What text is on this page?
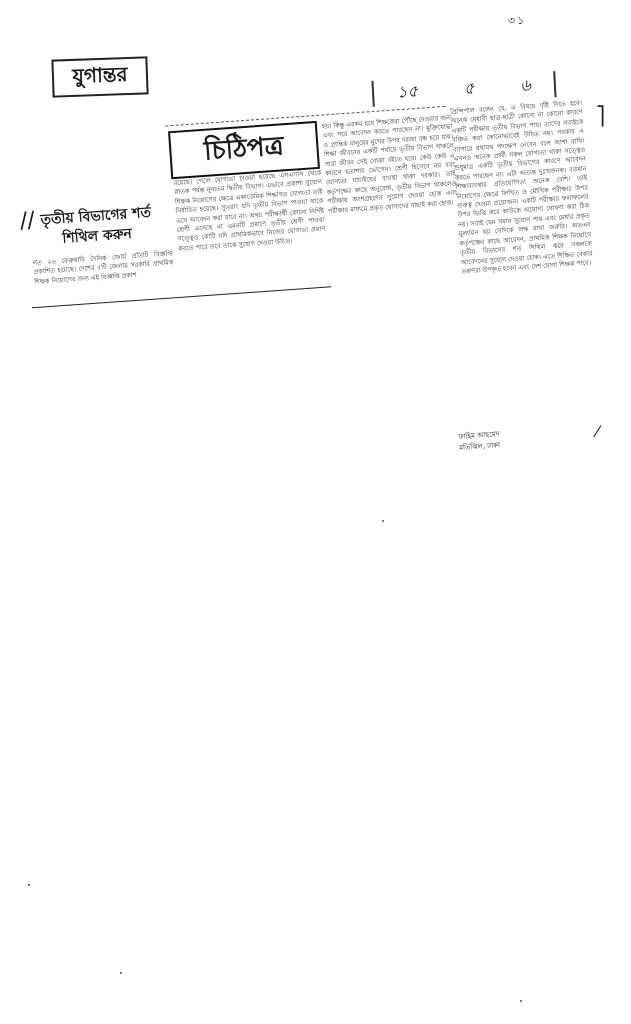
৩১
যুগান্তর
১৫	৫	৬
চিঠিপত্র
// তৃতীয় বিভাগের শর্ত শিথিল করুন
গত ২৬ ফেব্রুয়ারি দৈনিক জোর্য় প্রতিটি বিজ্ঞপ্তি প্রকাশিত হয়েছে। দেশের ৫টি জেলায় সরকারি প্রাথমিক শিক্ষক নিয়োগের জন্য এই বিজ্ঞপ্তি প্রকাশ
রয়েছে। গেলে যোগ্যতা চাওয়া হয়েছে এসএসসি থেকে স্নাতক পর্যন্ত নূন্যতম দ্বিতীয় বিভাগ। এভাবে প্রকাশ্য সুযোগ শিক্ষক নিয়োগের ক্ষেত্রে একাডেমিক শিক্ষাগত যোগ্যতা তাই নির্ধারিত হয়েছে। সুতরাং যদি তৃতীয় বিভাগ পাওয়া থাকে তবে আবেদন করা যাবে না। অথচ পরীক্ষার্থী কোনো নির্দিষ্ট শ্রেণী এসেছে না এমনটি প্রমাণে তৃতীয় শ্রেণী পাওয়া সত্ত্বেও কোটি যদি প্রাথমিকভাবে নিজের যোগ্যতা প্রমাণ করতে পারে তবে তাকে সুযোগ দেওয়া উচিত।
হয়। কিন্তু এরকম হয়ে শিক্ষকেরা পৌঁছে দেওয়ার জন্য এবং পরে আবেদন করতে পারছেন না। মুক্তিযোদ্ধা ও প্রান্তিক মানুষের মুখের উপর দরজা বন্ধ হয়ে যায়। শিক্ষা জীবনের একটি পর্যায়ে তৃতীয় বিভাগ থাকলে সারা জীবন সেই বোঝা বইতে হবে। কেউ কেউ এ কারণে হতাশায় ভোগেন। শ্রেণী হিসেবে নয় বরং যোগ্যতা যাচাইয়ের ব্যবস্থা থাকা দরকার। তাই কর্তৃপক্ষের কাছে অনুরোধ, তৃতীয় বিভাগ থাকলেও পরীক্ষায় অংশগ্রহণের সুযোগ দেওয়া হোক এবং পরীক্ষার মাধ্যমে প্রকৃত যোগ্যদের বাছাই করা হোক।
প্রিন্সিপাল বলেন যে, এ বিষয়ে দৃষ্টি দিতে হবে। অনেক মেধাবী ছাত্র-ছাত্রী কোনো না কোনো কারণে একটি পরীক্ষায় তৃতীয় বিভাগ পায়। তাদের সবাইকে বঞ্চিত করা কোনোভাবেই উচিত নয়। সরকার এ ব্যাপারে যথাযথ পদক্ষেপ নেবেন বলে আশা রাখি। এখনও অনেক প্রার্থী সকল যোগ্যতা থাকা সত্ত্বেও শুধুমাত্র একটি তৃতীয় বিভাগের কারণে আবেদন করতে পারছেন না। এটা অত্যন্ত দুঃখজনক। বর্তমান শিক্ষাব্যবস্থায় প্রতিযোগিতা অনেক বেশি। তাই নিয়োগের ক্ষেত্রে লিখিত ও মৌখিক পরীক্ষার উপর গুরুত্ব দেওয়া প্রয়োজন। একটি পরীক্ষার ফলাফলের উপর ভিত্তি করে কাউকে অযোগ্য ঘোষণা করা ঠিক নয়। সবাই যেন সমান সুযোগ পায় এবং মেধার প্রকৃত মূল্যায়ন হয় সেদিকে লক্ষ রাখা জরুরি। অতএব কর্তৃপক্ষের কাছে আবেদন, প্রাথমিক শিক্ষক নিয়োগে তৃতীয় বিভাগের শর্ত শিথিল করে সকলকে আবেদনের সুযোগ দেওয়া হোক। এতে শিক্ষিত বেকার তরুণরা উপকৃত হবেন এবং দেশ যোগ্য শিক্ষক পাবে।
ফাহিম আহমেদ
মতিঝিল, ঢাকা
⎤
⁄
